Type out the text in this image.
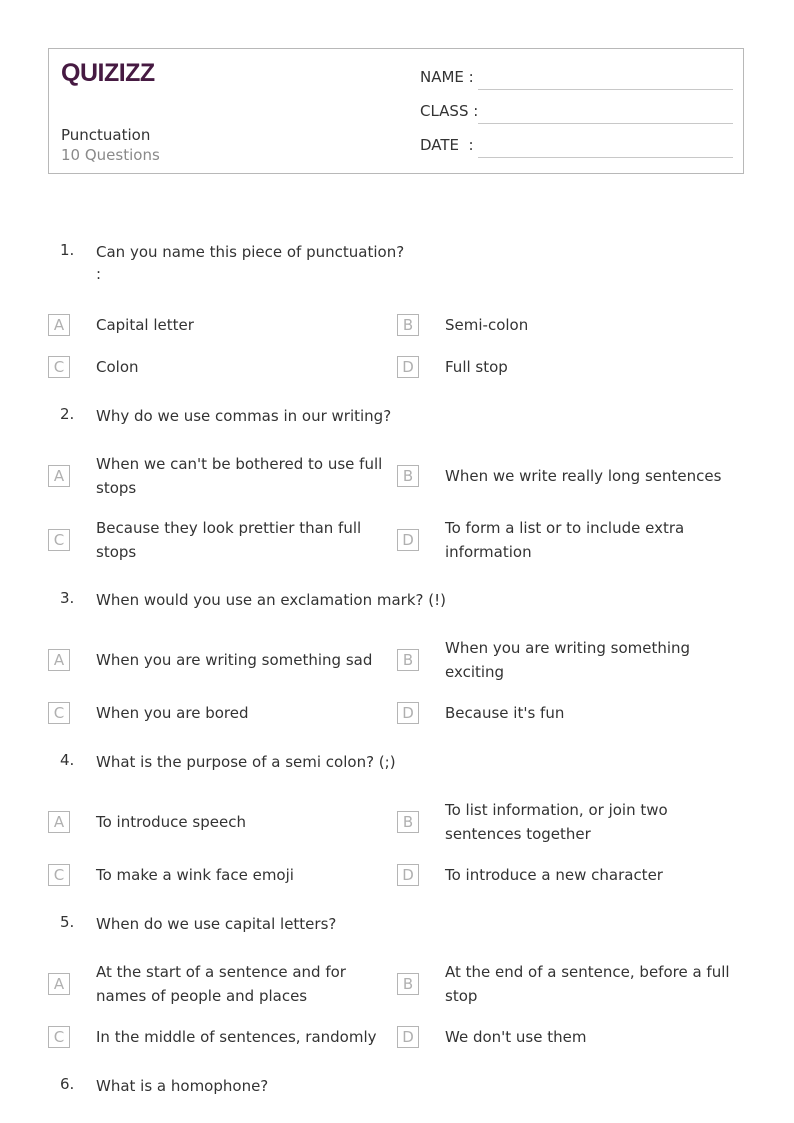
QUIZIZZ
Punctuation
10 Questions
NAME :
CLASS :
DATE  :
1. Can you name this piece of punctuation?
:
A	Capital letter	B	Semi-colon
C	Colon	D	Full stop
2. Why do we use commas in our writing?
A
When we can't be bothered to use full stops
B	When we write really long sentences
C
Because they look prettier than full stops
D
To form a list or to include extra information
3. When would you use an exclamation mark? (!)
A	When you are writing something sad	B
When you are writing something exciting
C	When you are bored	D	Because it's fun
4. What is the purpose of a semi colon? (;)
A	To introduce speech	B
To list information, or join two sentences together
C	To make a wink face emoji	D	To introduce a new character
5. When do we use capital letters?
A
At the start of a sentence and for names of people and places
B
At the end of a sentence, before a full stop
C	In the middle of sentences, randomly	D	We don't use them
6. What is a homophone?
